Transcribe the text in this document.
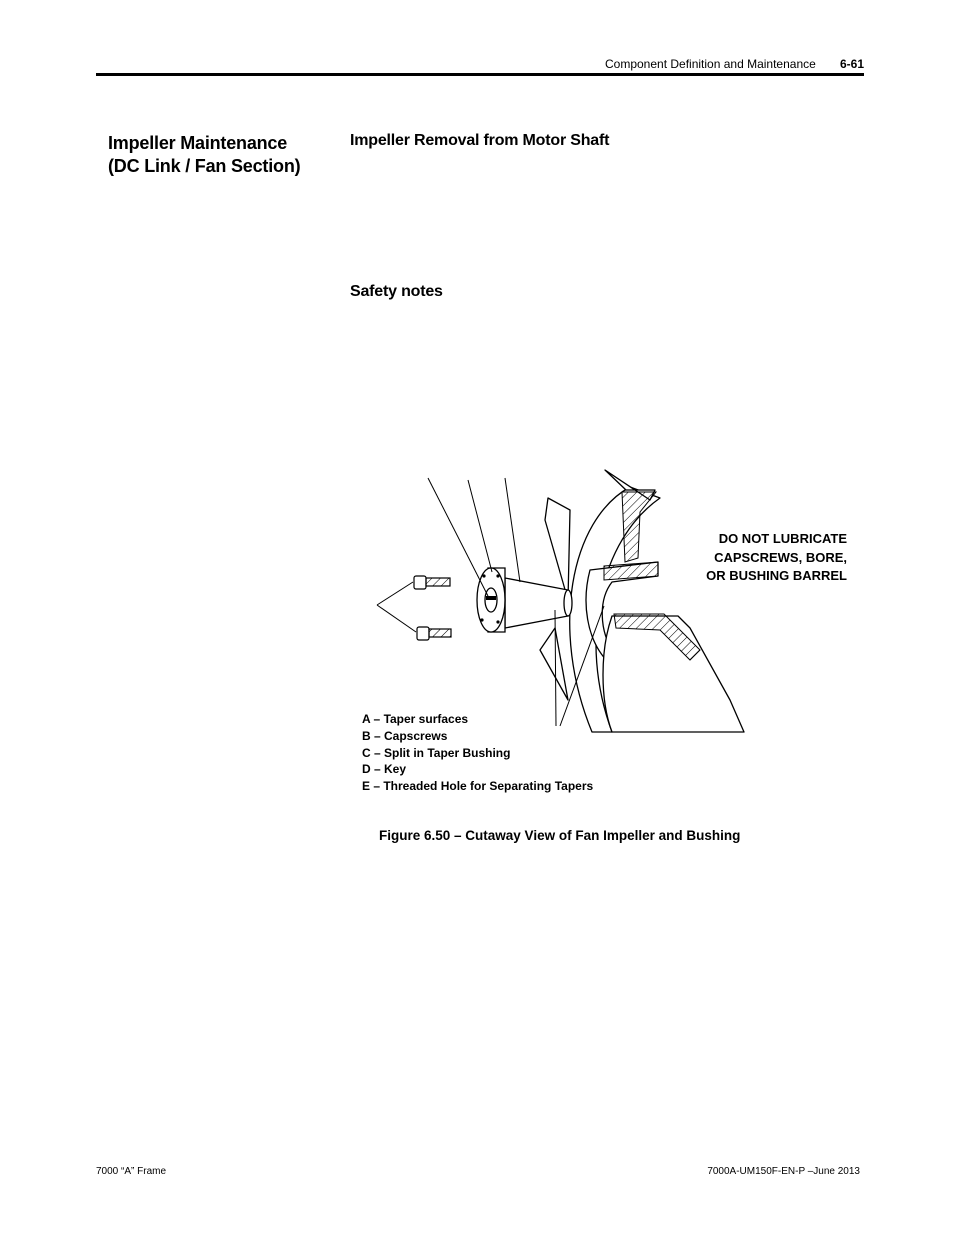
Component Definition and Maintenance 6-61
Impeller Maintenance
(DC Link / Fan Section)
Impeller Removal from Motor Shaft
Safety notes
DO NOT LUBRICATE
CAPSCREWS, BORE,
OR BUSHING BARREL
A – Taper surfaces
B – Capscrews
C – Split in Taper Bushing
D – Key
E – Threaded Hole for Separating Tapers
Figure 6.50 – Cutaway View of Fan Impeller and Bushing
7000 “A” Frame	7000A-UM150F-EN-P –June 2013
